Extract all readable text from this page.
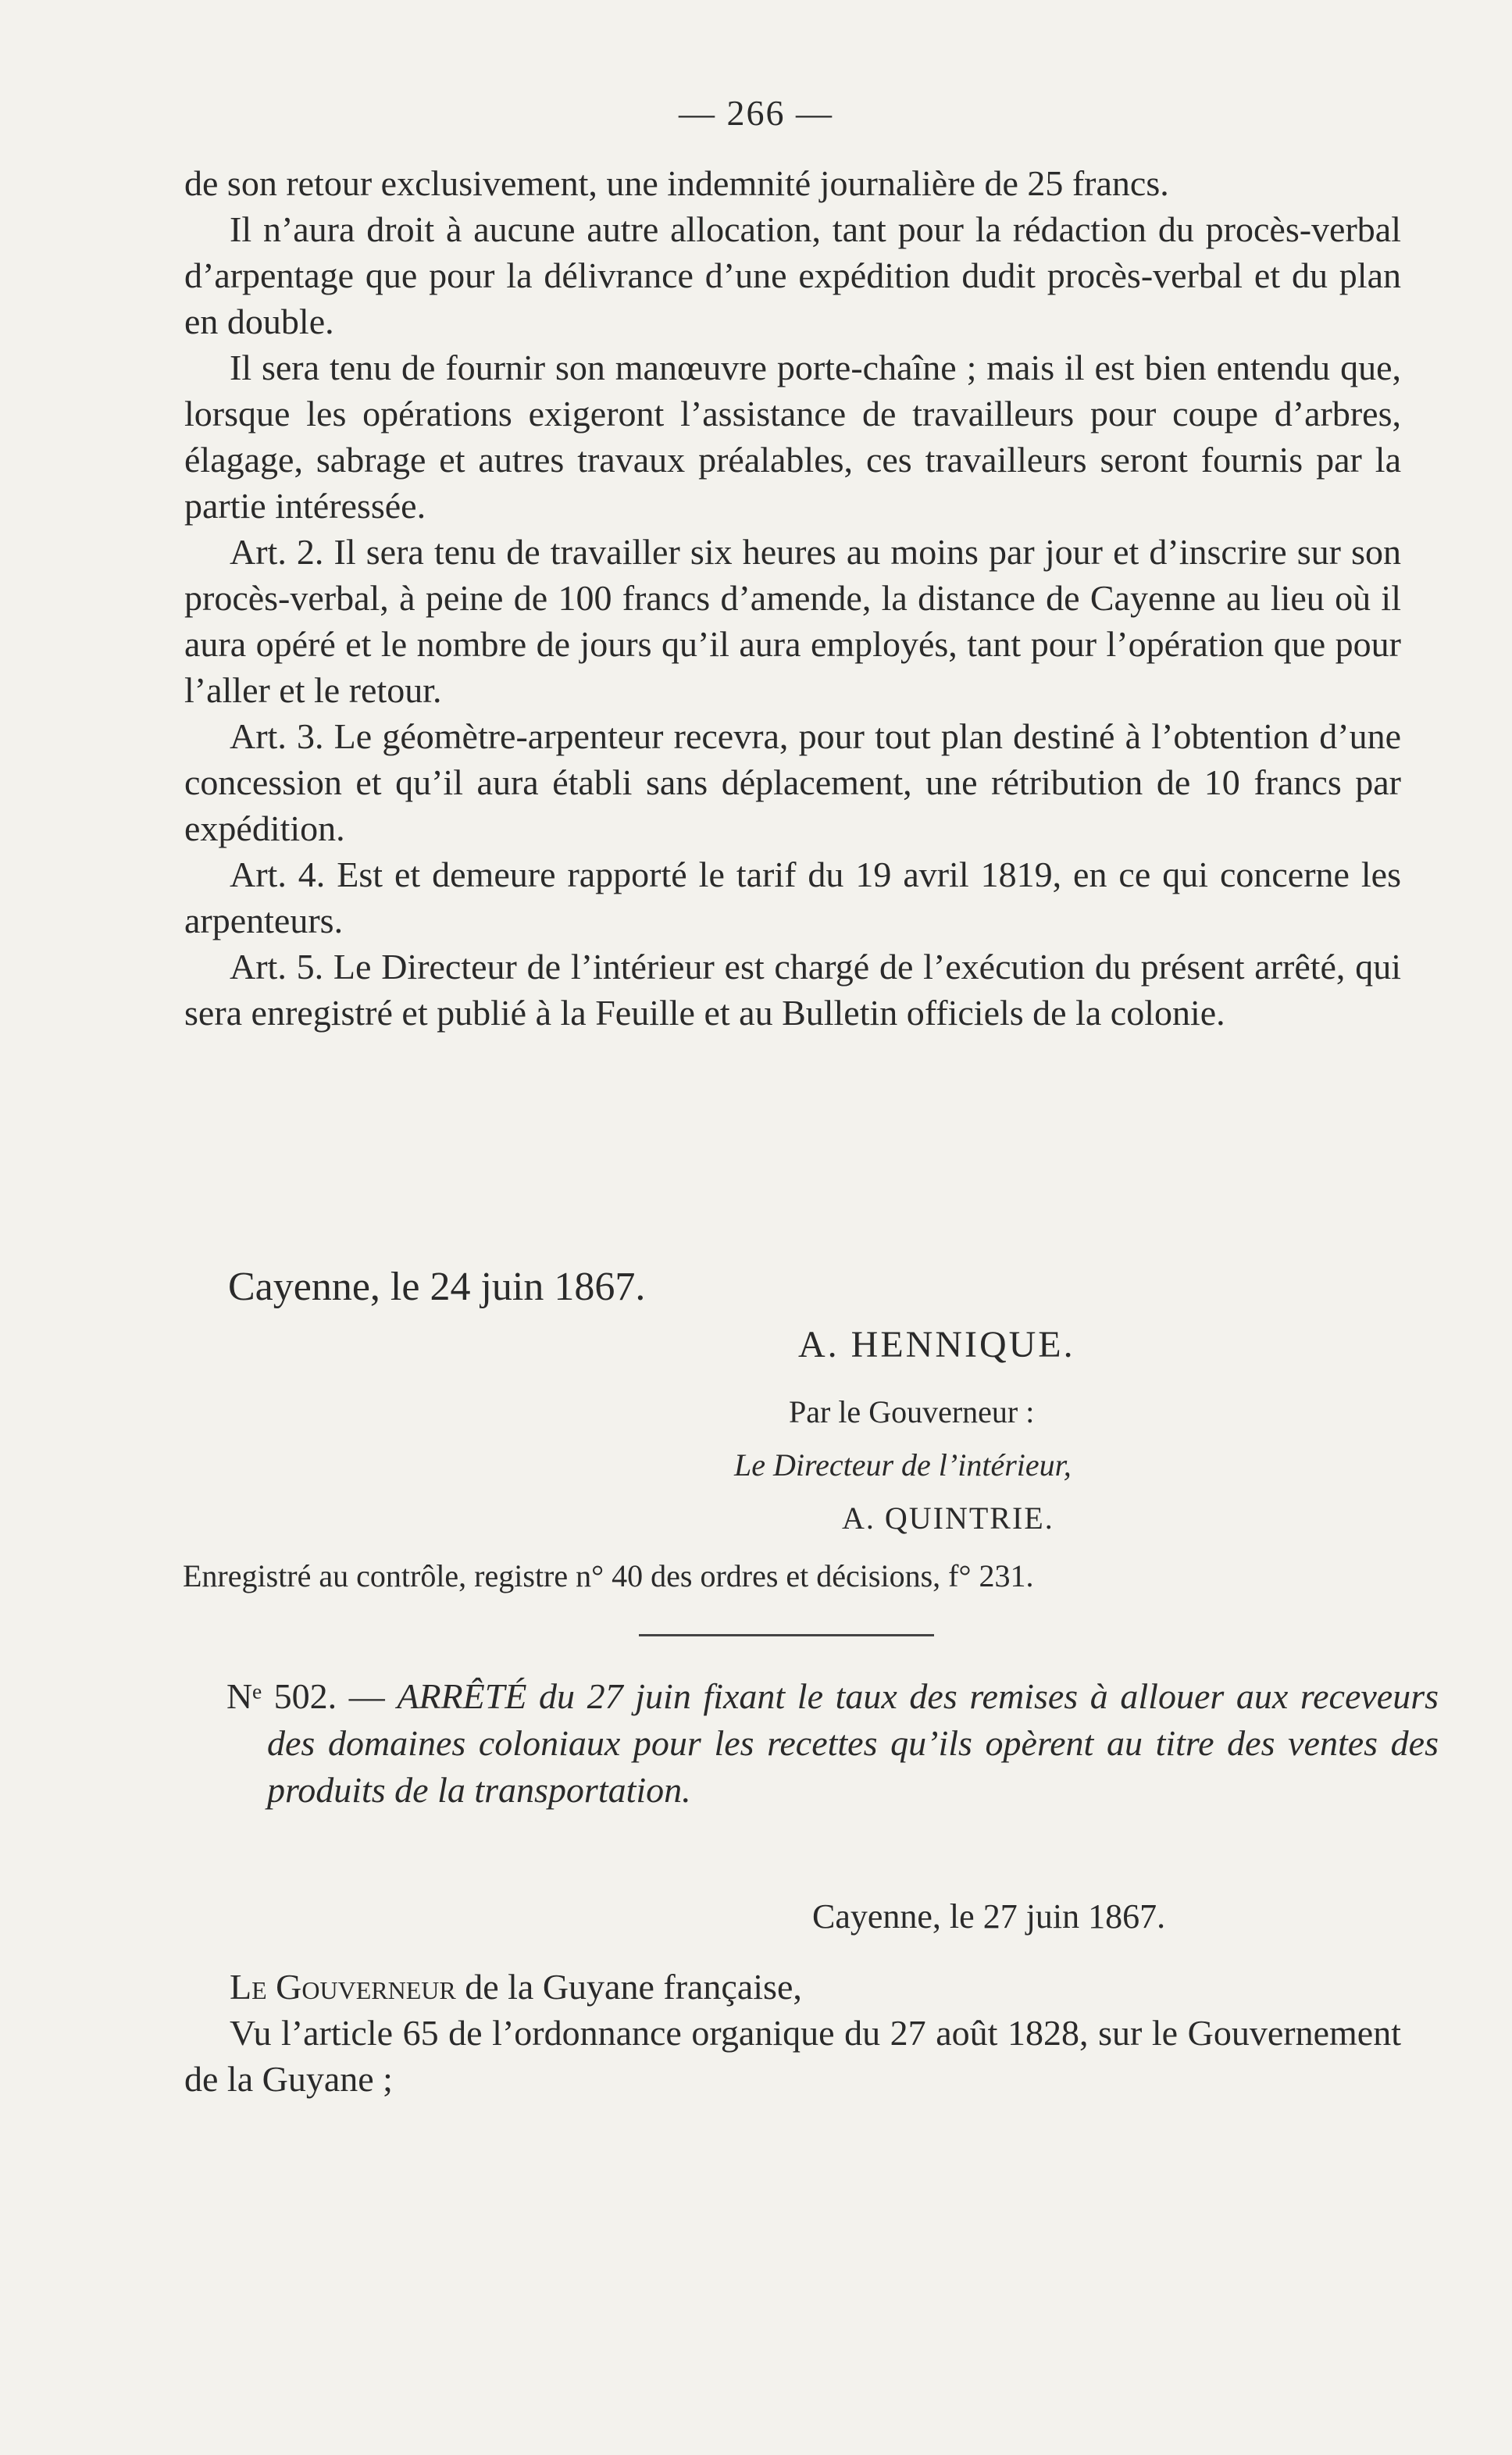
— 266 —

de son retour exclusivement, une indemnité journalière de 25 francs.

Il n’aura droit à aucune autre allocation, tant pour la rédaction du procès-verbal d’arpentage que pour la délivrance d’une expédition dudit procès-verbal et du plan en double.

Il sera tenu de fournir son manœuvre porte-chaîne ; mais il est bien entendu que, lorsque les opérations exigeront l’assistance de travailleurs pour coupe d’arbres, élagage, sabrage et autres travaux préalables, ces travailleurs seront fournis par la partie intéressée.

Art. 2. Il sera tenu de travailler six heures au moins par jour et d’inscrire sur son procès-verbal, à peine de 100 francs d’amende, la distance de Cayenne au lieu où il aura opéré et le nombre de jours qu’il aura employés, tant pour l’opération que pour l’aller et le retour.

Art. 3. Le géomètre-arpenteur recevra, pour tout plan destiné à l’obtention d’une concession et qu’il aura établi sans déplacement, une rétribution de 10 francs par expédition.

Art. 4. Est et demeure rapporté le tarif du 19 avril 1819, en ce qui concerne les arpenteurs.

Art. 5. Le Directeur de l’intérieur est chargé de l’exécution du présent arrêté, qui sera enregistré et publié à la Feuille et au Bulletin officiels de la colonie.

Cayenne, le 24 juin 1867.
A. HENNIQUE.
Par le Gouverneur :
Le Directeur de l’intérieur,
A. QUINTRIE.
Enregistré au contrôle, registre n° 40 des ordres et décisions, f° 231.
Nᵉ 502. — ARRÊTÉ du 27 juin fixant le taux des remises à allouer aux receveurs des domaines coloniaux pour les recettes qu’ils opèrent au titre des ventes des produits de la transportation.
Cayenne, le 27 juin 1867.

Le Gouverneur de la Guyane française,

Vu l’article 65 de l’ordonnance organique du 27 août 1828, sur le Gouvernement de la Guyane ;
